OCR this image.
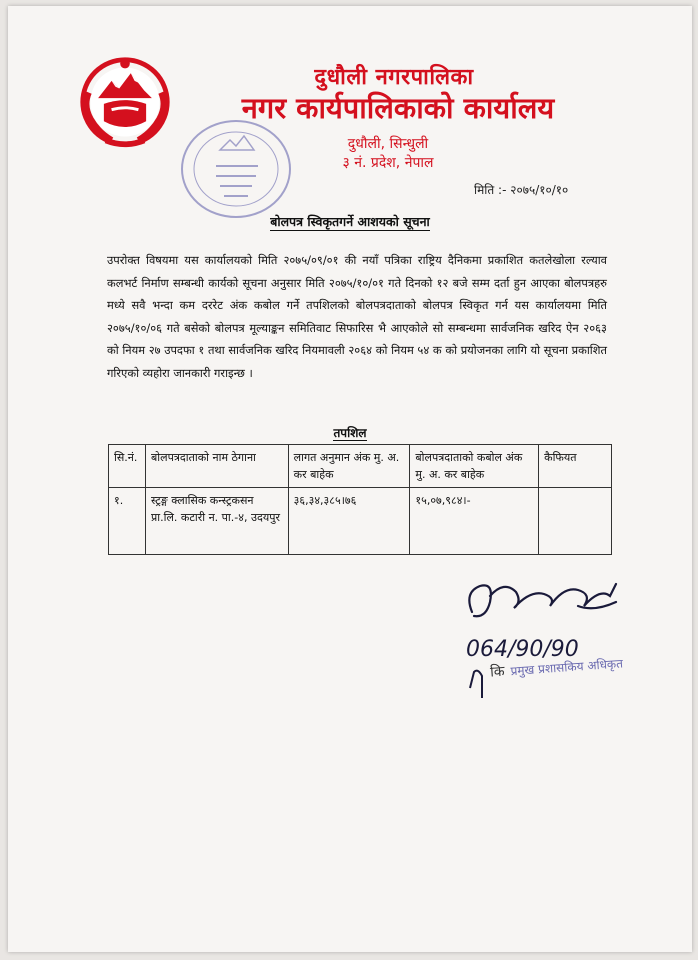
दुधौली नगरपालिका
नगर कार्यपालिकाको कार्यालय
दुधौली, सिन्धुली
३ नं. प्रदेश, नेपाल
मिति :- २०७५/१०/१०
बोलपत्र स्विकृतगर्ने आशयको सूचना
उपरोक्त विषयमा यस कार्यालयको मिति २०७५/०९/०१ की नयाँ पत्रिका राष्ट्रिय दैनिकमा प्रकाशित कतलेखोला रल्याव कलभर्ट निर्माण सम्बन्धी कार्यको सूचना अनुसार मिति २०७५/१०/०१ गते दिनको १२ बजे सम्म दर्ता हुन आएका बोलपत्रहरु मध्ये सवै भन्दा कम दररेट अंक कबोल गर्ने तपशिलको बोलपत्रदाताको बोलपत्र स्विकृत गर्न यस कार्यालयमा मिति २०७५/१०/०६ गते बसेको बोलपत्र मूल्याङ्कन समितिवाट सिफारिस भै आएकोले सो सम्बन्धमा सार्वजनिक खरिद ऐन २०६३ को नियम २७ उपदफा १ तथा सार्वजनिक खरिद नियमावली २०६४ को नियम ५४ क को प्रयोजनका लागि यो सूचना प्रकाशित गरिएको व्यहोरा जानकारी गराइन्छ ।
तपशिल
सि.नं.	बोलपत्रदाताको नाम ठेगाना	लागत अनुमान अंक मु. अ. कर बाहेक	बोलपत्रदाताको कबोल अंक मु. अ. कर बाहेक	कैफियत
१.	स्ट्रङ्ग क्लासिक कन्स्ट्रकसन प्रा.लि. कटारी न. पा.-४, उदयपुर	३६,३४,३८५।७६	१५,०७,९८४।-	
064/90/90
कि प्रमुख प्रशासकिय अधिकृत
